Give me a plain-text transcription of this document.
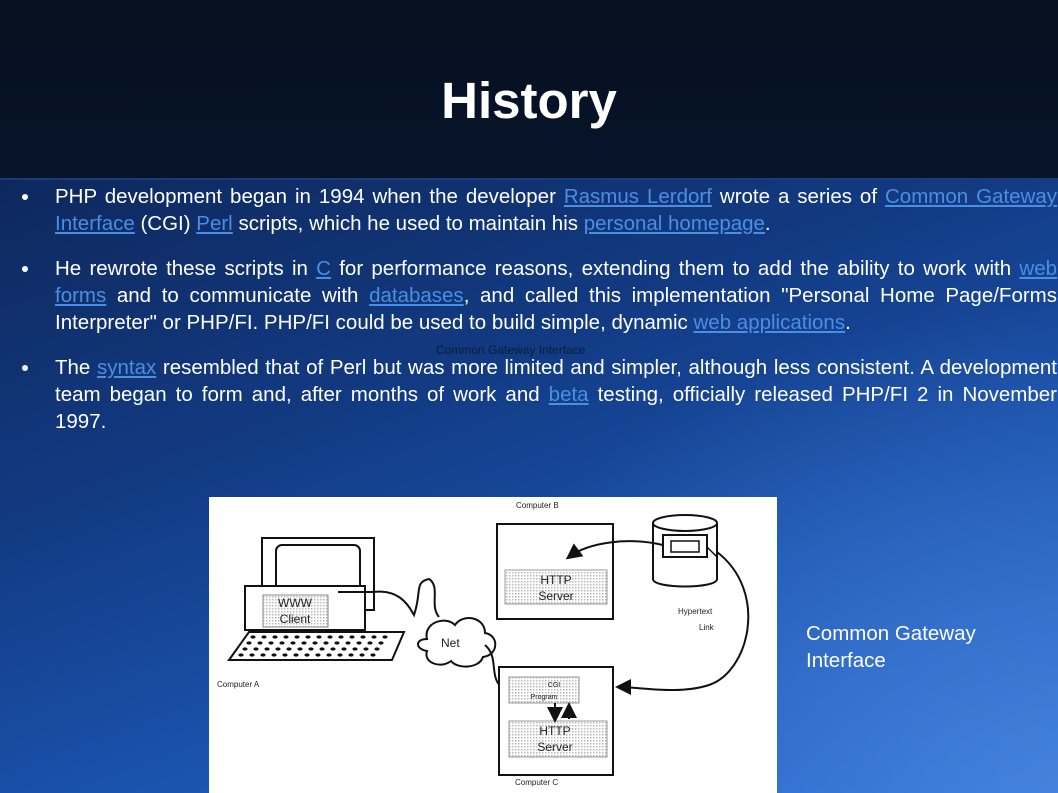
History
PHP development began in 1994 when the developer Rasmus Lerdorf wrote a series of Common Gateway Interface (CGI) Perl scripts, which he used to maintain his personal homepage.
He rewrote these scripts in C for performance reasons, extending them to add the ability to work with web forms and to communicate with databases, and called this implementation "Personal Home Page/Forms Interpreter" or PHP/FI. PHP/FI could be used to build simple, dynamic web applications.
The syntax resembled that of Perl but was more limited and simpler, although less consistent. A development team began to form and, after months of work and beta testing, officially released PHP/FI 2 in November 1997.
Common Gateway Interface
WWW
Client
Computer A
Net
Computer B
HTTP
Server
Hypertext
Link
CGI
Program
HTTP
Server
Computer C
Common Gateway Interface
